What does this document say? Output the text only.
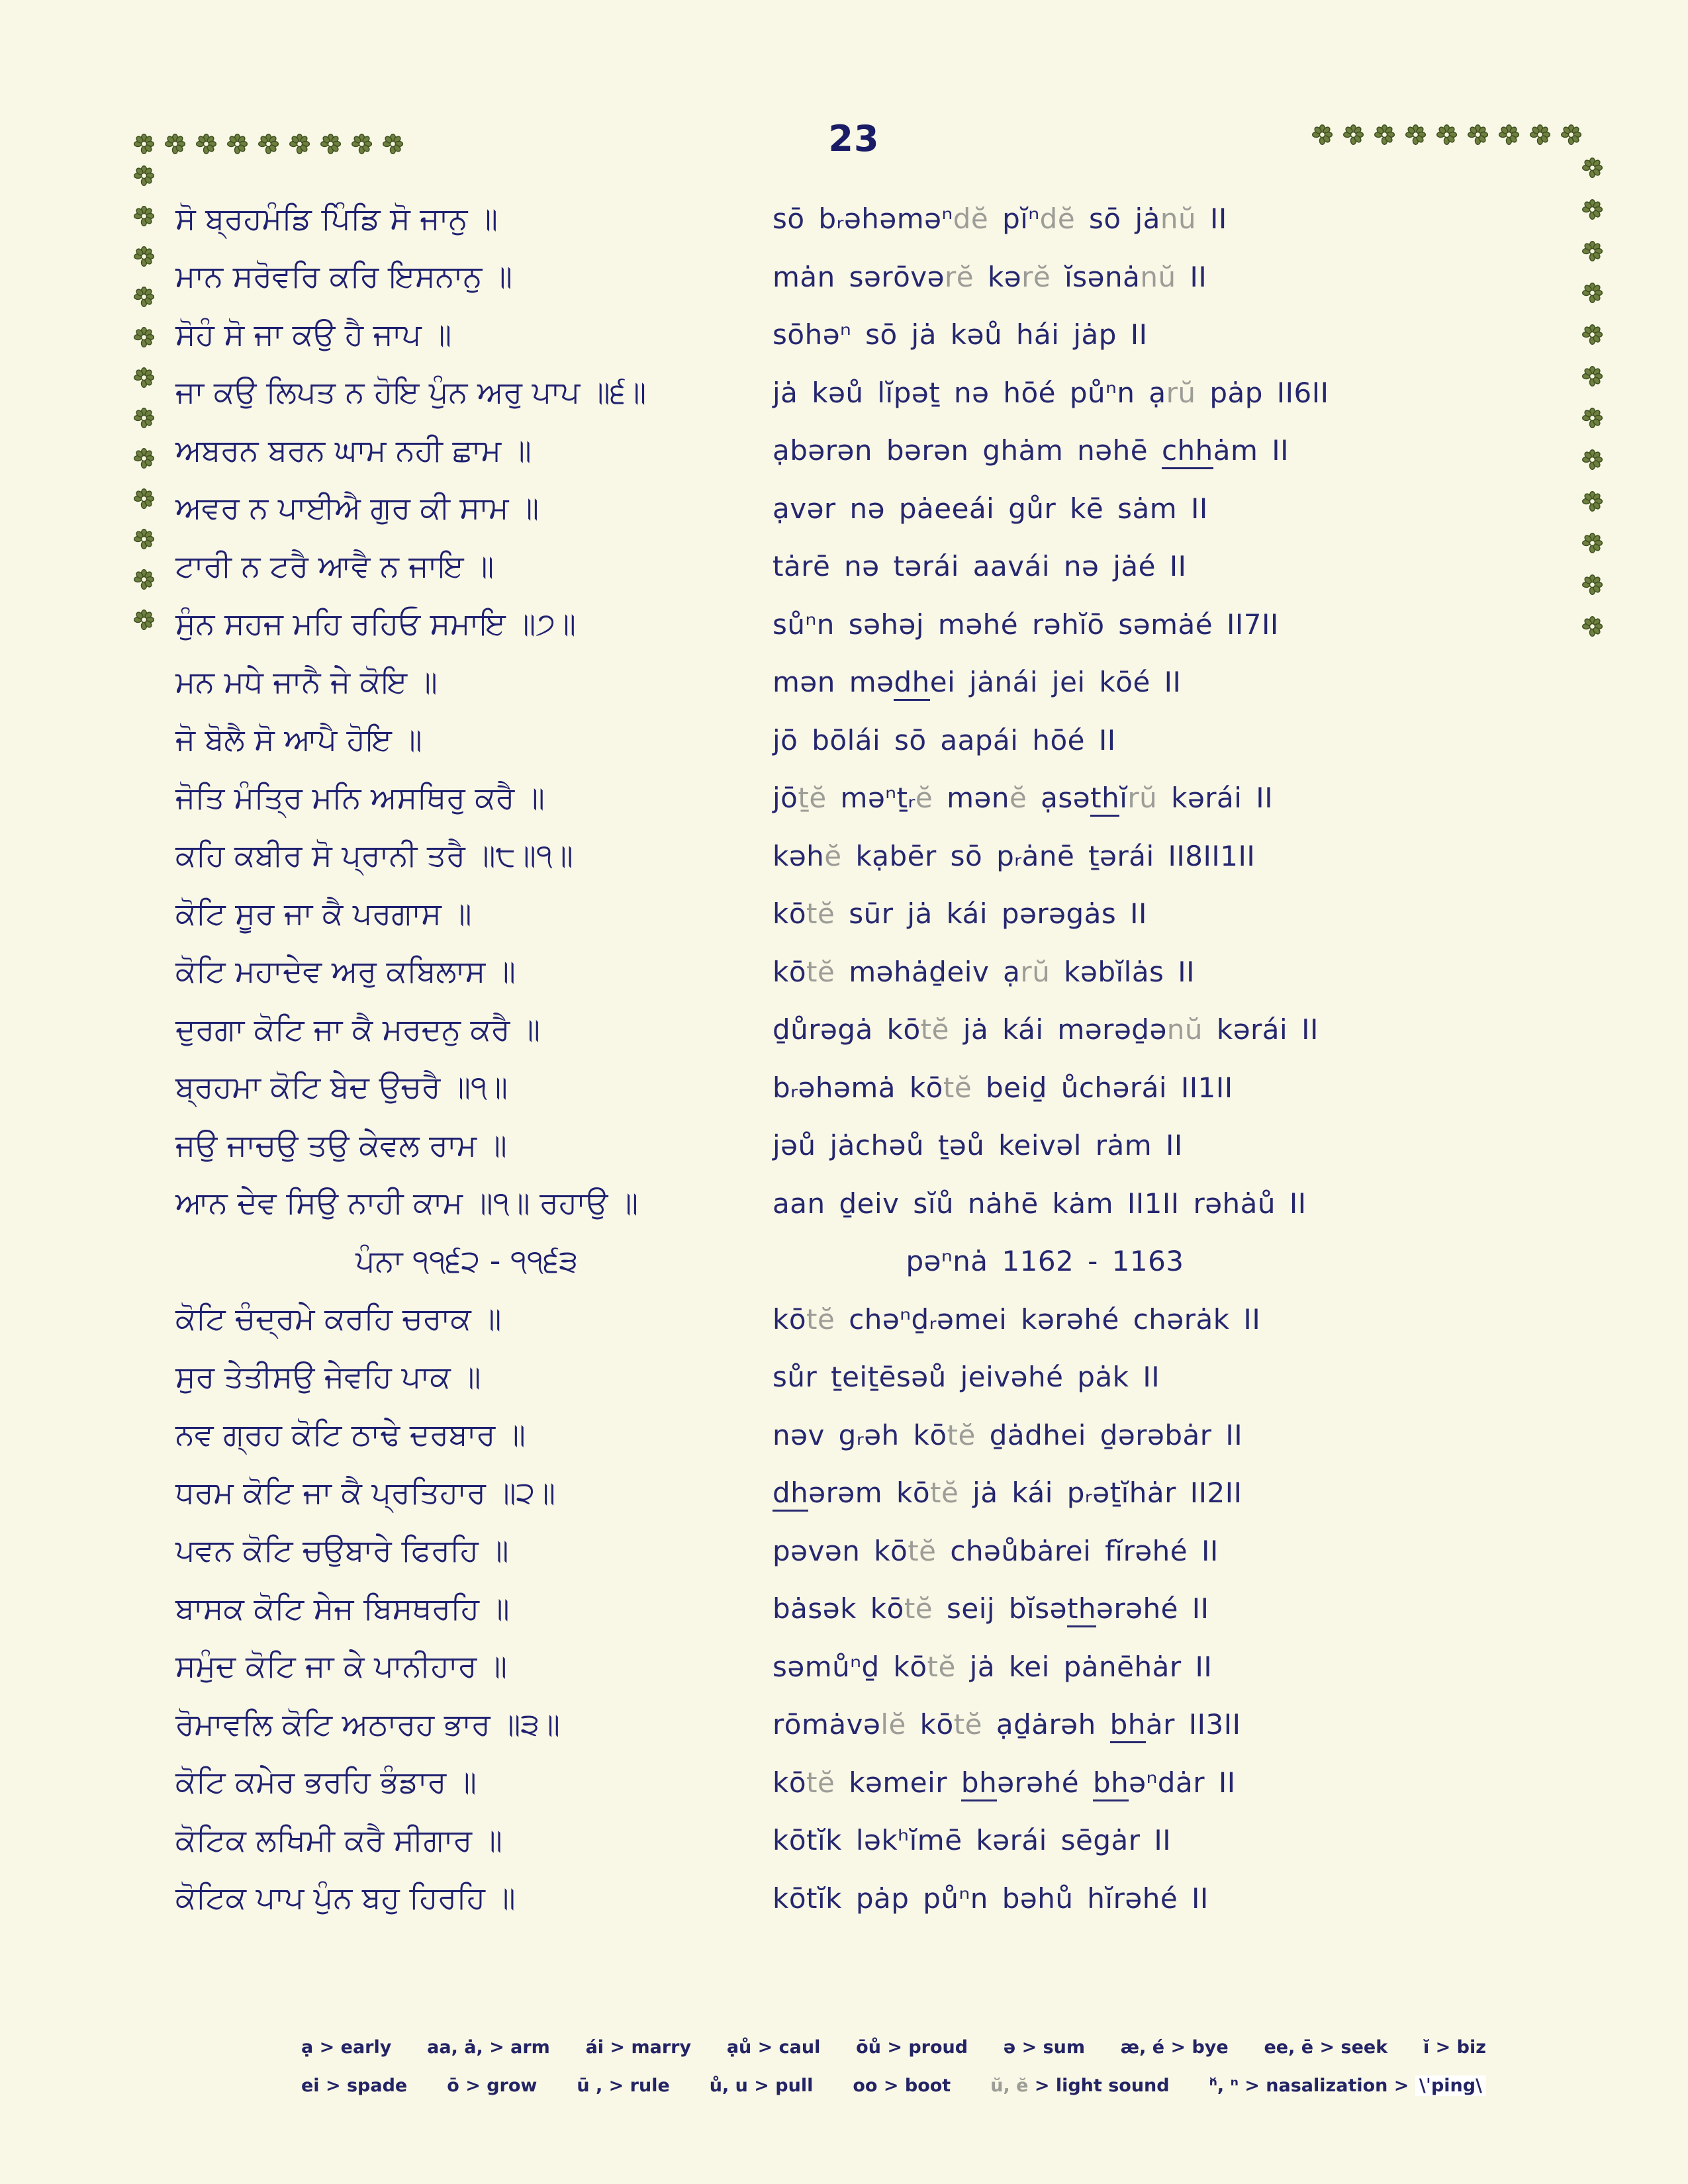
23
ਸੋ ਬ੍ਰਹਮੰਡਿ ਪਿੰਡਿ ਸੋ ਜਾਨੁ ॥	sō bᵣəhəməⁿdĕ pĭⁿdĕ sō jȧnŭ II
ਮਾਨ ਸਰੋਵਰਿ ਕਰਿ ਇਸਨਾਨੁ ॥	mȧn sərōvərĕ kərĕ ĭsənȧnŭ II
ਸੋਹੰ ਸੋ ਜਾ ਕਉ ਹੈ ਜਾਪ ॥	sōhəⁿ sō jȧ kəů hái jȧp II
ਜਾ ਕਉ ਲਿਪਤ ਨ ਹੋਇ ਪੁੰਨ ਅਰੁ ਪਾਪ ॥੬॥	jȧ kəů lĭpəṯ nə hōé půⁿn ạrŭ pȧp II6II
ਅਬਰਨ ਬਰਨ ਘਾਮ ਨਹੀ ਛਾਮ ॥	ạbərən bərən ghȧm nəhē chhȧm II
ਅਵਰ ਨ ਪਾਈਐ ਗੁਰ ਕੀ ਸਾਮ ॥	ạvər nə pȧeeái gůr kē sȧm II
ਟਾਰੀ ਨ ਟਰੈ ਆਵੈ ਨ ਜਾਇ ॥	tȧrē nə tərái aavái nə jȧé II
ਸੁੰਨ ਸਹਜ ਮਹਿ ਰਹਿਓ ਸਮਾਇ ॥੭॥	sůⁿn səhəj məhé rəhĭō səmȧé II7II
ਮਨ ਮਧੇ ਜਾਨੈ ਜੇ ਕੋਇ ॥	mən mədhei jȧnái jei kōé II
ਜੋ ਬੋਲੈ ਸੋ ਆਪੈ ਹੋਇ ॥	jō bōlái sō aapái hōé II
ਜੋਤਿ ਮੰਤ੍ਰਿ ਮਨਿ ਅਸਥਿਰੁ ਕਰੈ ॥	jōṯĕ məⁿṯᵣĕ mənĕ ạsəthĭrŭ kərái II
ਕਹਿ ਕਬੀਰ ਸੋ ਪ੍ਰਾਨੀ ਤਰੈ ॥੮॥੧॥	kəhĕ kạbēr sō pᵣȧnē ṯərái II8II1II
ਕੋਟਿ ਸੂਰ ਜਾ ਕੈ ਪਰਗਾਸ ॥	kōtĕ sūr jȧ kái pərəgȧs II
ਕੋਟਿ ਮਹਾਦੇਵ ਅਰੁ ਕਬਿਲਾਸ ॥	kōtĕ məhȧḏeiv ạrŭ kəbĭlȧs II
ਦੁਰਗਾ ਕੋਟਿ ਜਾ ਕੈ ਮਰਦਨੁ ਕਰੈ ॥	ḏůrəgȧ kōtĕ jȧ kái mərəḏənŭ kərái II
ਬ੍ਰਹਮਾ ਕੋਟਿ ਬੇਦ ਉਚਰੈ ॥੧॥	bᵣəhəmȧ kōtĕ beiḏ ůchərái II1II
ਜਉ ਜਾਚਉ ਤਉ ਕੇਵਲ ਰਾਮ ॥	jəů jȧchəů ṯəů keivəl rȧm II
ਆਨ ਦੇਵ ਸਿਉ ਨਾਹੀ ਕਾਮ ॥੧॥ ਰਹਾਉ ॥	aan ḏeiv sĭů nȧhē kȧm II1II rəhȧů II
ਪੰਨਾ ੧੧੬੨ - ੧੧੬੩	pəⁿnȧ 1162 - 1163
ਕੋਟਿ ਚੰਦ੍ਰਮੇ ਕਰਹਿ ਚਰਾਕ ॥	kōtĕ chəⁿḏᵣəmei kərəhé chərȧk II
ਸੁਰ ਤੇਤੀਸਉ ਜੇਵਹਿ ਪਾਕ ॥	sůr ṯeiṯēsəů jeivəhé pȧk II
ਨਵ ਗ੍ਰਹ ਕੋਟਿ ਠਾਢੇ ਦਰਬਾਰ ॥	nəv gᵣəh kōtĕ ḏȧdhei ḏərəbȧr II
ਧਰਮ ਕੋਟਿ ਜਾ ਕੈ ਪ੍ਰਤਿਹਾਰ ॥੨॥	dhərəm kōtĕ jȧ kái pᵣəṯĭhȧr II2II
ਪਵਨ ਕੋਟਿ ਚਉਬਾਰੇ ਫਿਰਹਿ ॥	pəvən kōtĕ chəůbȧrei fĭrəhé II
ਬਾਸਕ ਕੋਟਿ ਸੇਜ ਬਿਸਥਰਹਿ ॥	bȧsək kōtĕ seij bĭsəthərəhé II
ਸਮੁੰਦ ਕੋਟਿ ਜਾ ਕੇ ਪਾਨੀਹਾਰ ॥	səmůⁿḏ kōtĕ jȧ kei pȧnēhȧr II
ਰੋਮਾਵਲਿ ਕੋਟਿ ਅਠਾਰਹ ਭਾਰ ॥੩॥	rōmȧvəlĕ kōtĕ ạḏȧrəh bhȧr II3II
ਕੋਟਿ ਕਮੇਰ ਭਰਹਿ ਭੰਡਾਰ ॥	kōtĕ kəmeir bhərəhé bhəⁿdȧr II
ਕੋਟਿਕ ਲਖਿਮੀ ਕਰੈ ਸੀਗਾਰ ॥	kōtĭk ləkʰĭmē kərái sēgȧr II
ਕੋਟਿਕ ਪਾਪ ਪੁੰਨ ਬਹੁ ਹਿਰਹਿ ॥	kōtĭk pȧp půⁿn bəhů hĭrəhé II
ạ > early aa, ȧ, > arm ái > marry ạů > caul ōů > proud ə > sum æ, é > bye ee, ē > seek ĭ > biz
ei > spade ō > grow ū , > rule ů, u > pull oo > boot ŭ, ĕ > light sound ⁿ̆, ⁿ > nasalization > \ˈping\
